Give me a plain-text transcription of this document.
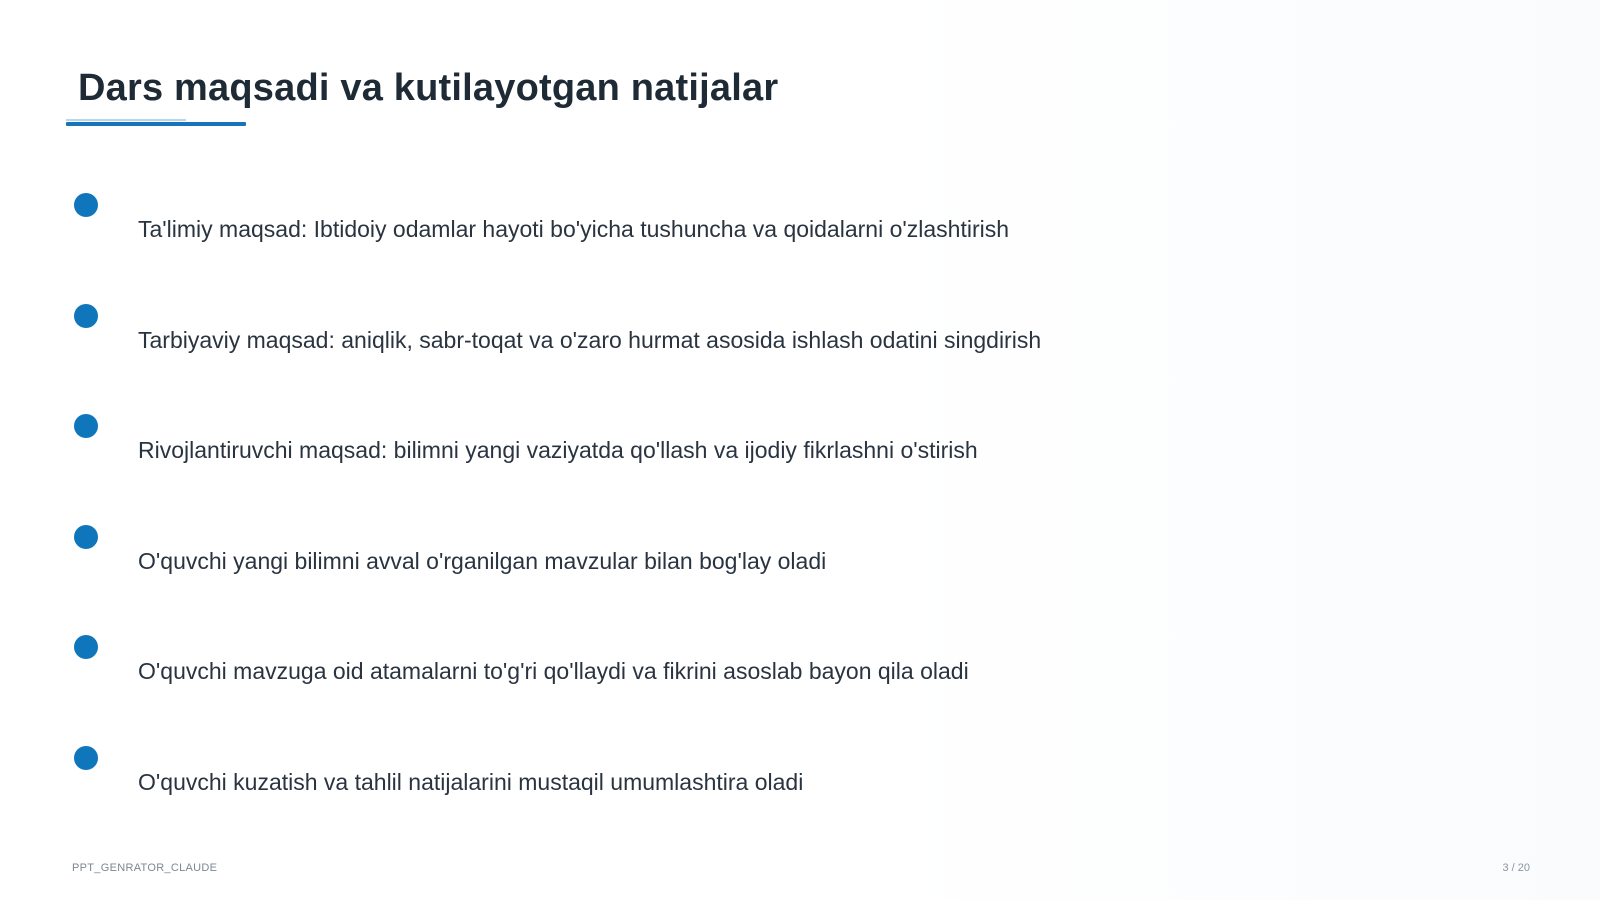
Dars maqsadi va kutilayotgan natijalar
Ta'limiy maqsad: Ibtidoiy odamlar hayoti bo'yicha tushuncha va qoidalarni o'zlashtirish
Tarbiyaviy maqsad: aniqlik, sabr-toqat va o'zaro hurmat asosida ishlash odatini singdirish
Rivojlantiruvchi maqsad: bilimni yangi vaziyatda qo'llash va ijodiy fikrlashni o'stirish
O'quvchi yangi bilimni avval o'rganilgan mavzular bilan bog'lay oladi
O'quvchi mavzuga oid atamalarni to'g'ri qo'llaydi va fikrini asoslab bayon qila oladi
O'quvchi kuzatish va tahlil natijalarini mustaqil umumlashtira oladi
PPT_GENRATOR_CLAUDE	3 / 20
